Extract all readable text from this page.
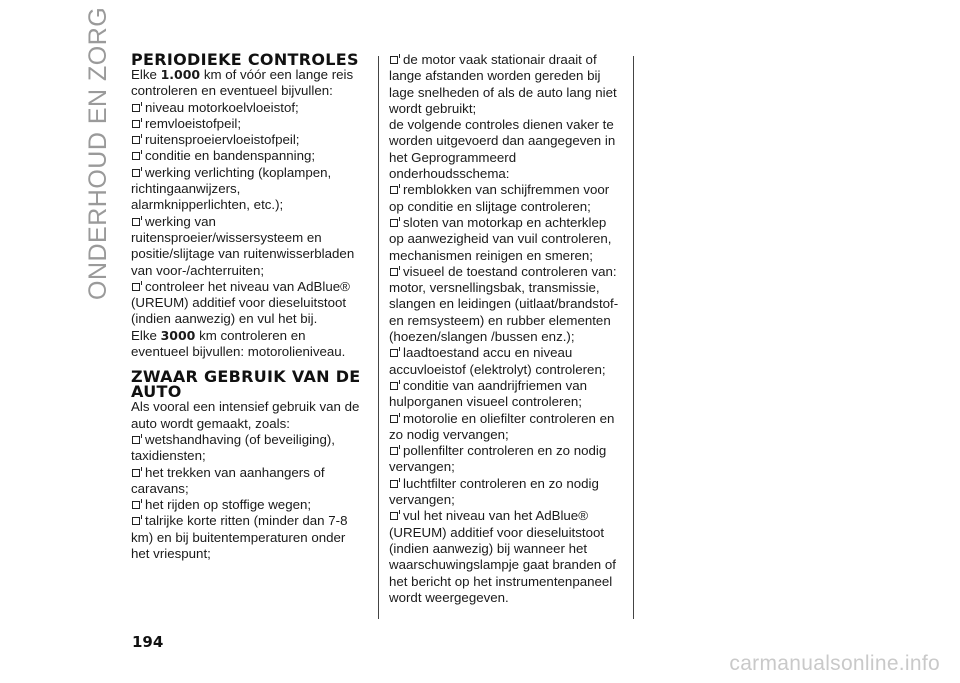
ONDERHOUD EN ZORG PERIODIEKE CONTROLES

Elke 1.000 km of vóór een lange reis controleren en eventueel bijvullen:

niveau motorkoelvloeistof;

remvloeistofpeil;

ruitensproeiervloeistofpeil;

conditie en bandenspanning;

werking verlichting (koplampen, richtingaanwijzers, alarmknipperlichten, etc.);

werking van ruitensproeier/wissersysteem en positie/slijtage van ruitenwisserbladen van voor-/achterruiten;

controleer het niveau van AdBlue® (UREUM) additief voor dieseluitstoot (indien aanwezig) en vul het bij.

Elke 3000 km controleren en eventueel bijvullen: motorolieniveau.

ZWAAR GEBRUIK VAN DE AUTO

Als vooral een intensief gebruik van de auto wordt gemaakt, zoals:

wetshandhaving (of beveiliging), taxidiensten;

het trekken van aanhangers of caravans;

het rijden op stoffige wegen;

talrijke korte ritten (minder dan 7-8 km) en bij buitentemperaturen onder het vriespunt;

de motor vaak stationair draait of lange afstanden worden gereden bij lage snelheden of als de auto lang niet wordt gebruikt;

de volgende controles dienen vaker te worden uitgevoerd dan aangegeven in het Geprogrammeerd onderhoudsschema:

remblokken van schijfremmen voor op conditie en slijtage controleren;

sloten van motorkap en achterklep op aanwezigheid van vuil controleren, mechanismen reinigen en smeren;

visueel de toestand controleren van: motor, versnellingsbak, transmissie, slangen en leidingen (uitlaat/brandstof-en remsysteem) en rubber elementen (hoezen/slangen /bussen enz.);

laadtoestand accu en niveau accuvloeistof (elektrolyt) controleren;

conditie van aandrijfriemen van hulporganen visueel controleren;

motorolie en oliefilter controleren en zo nodig vervangen;

pollenfilter controleren en zo nodig vervangen;

luchtfilter controleren en zo nodig vervangen;

vul het niveau van het AdBlue® (UREUM) additief voor dieseluitstoot (indien aanwezig) bij wanneer het waarschuwingslampje gaat branden of het bericht op het instrumentenpaneel wordt weergegeven.

194
carmanualsonline.info
